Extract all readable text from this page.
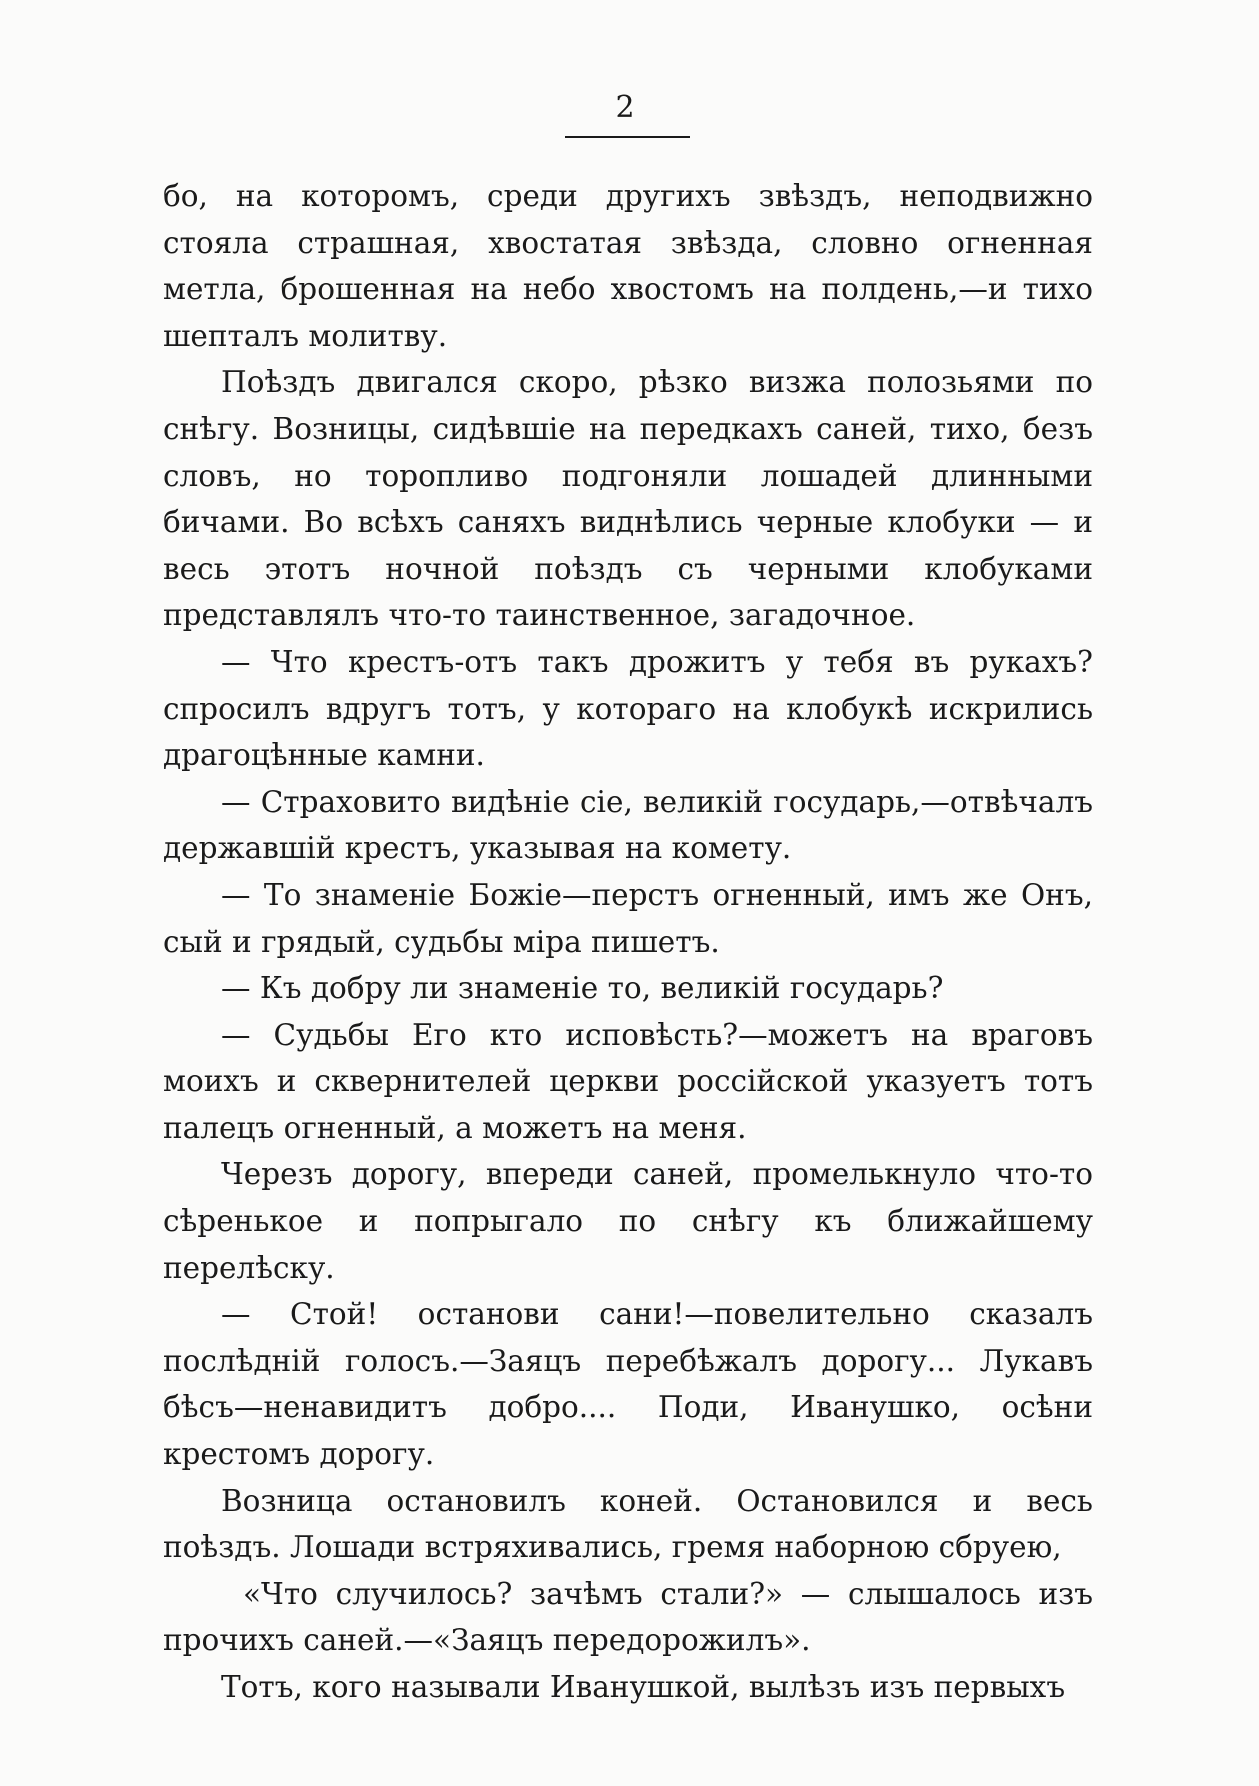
2

бо, на которомъ, среди другихъ звѣздъ, неподвижно стояла страшная, хвостатая звѣзда, словно огненная метла, брошенная на небо хвостомъ на полдень,—и тихо шепталъ молитву.

Поѣздъ двигался скоро, рѣзко визжа полозьями по снѣгу. Возницы, сидѣвшіе на передкахъ саней, тихо, безъ словъ, но торопливо подгоняли лошадей длинными бичами. Во всѣхъ саняхъ виднѣлись черные клобуки — и весь этотъ ночной поѣздъ съ черными клобуками представлялъ что-то таинственное, загадочное.

— Что крестъ-отъ такъ дрожитъ у тебя въ рукахъ? спросилъ вдругъ тотъ, у котораго на клобукѣ искрились драгоцѣнные камни.

— Страховито видѣніе сіе, великій государь,—отвѣчалъ державшій крестъ, указывая на комету.

— То знаменіе Божіе—перстъ огненный, имъ же Онъ, сый и грядый, судьбы міра пишетъ.

— Къ добру ли знаменіе то, великій государь?

— Судьбы Его кто исповѣсть?—можетъ на враговъ моихъ и сквернителей церкви россійской указуетъ тотъ палецъ огненный, а можетъ на меня.

Черезъ дорогу, впереди саней, промелькнуло что-то сѣренькое и попрыгало по снѣгу къ ближайшему перелѣску.

— Стой! останови сани!—повелительно сказалъ послѣдній голосъ.—Заяцъ перебѣжалъ дорогу... Лукавъ бѣсъ—ненавидитъ добро.... Поди, Иванушко, осѣни крестомъ дорогу.

Возница остановилъ коней. Остановился и весь поѣздъ. Лошади встряхивались, гремя наборною сбруею,

«Что случилось? зачѣмъ стали?» — слышалось изъ прочихъ саней.—«Заяцъ передорожилъ».

Тотъ, кого называли Иванушкой, вылѣзъ изъ первыхъ
